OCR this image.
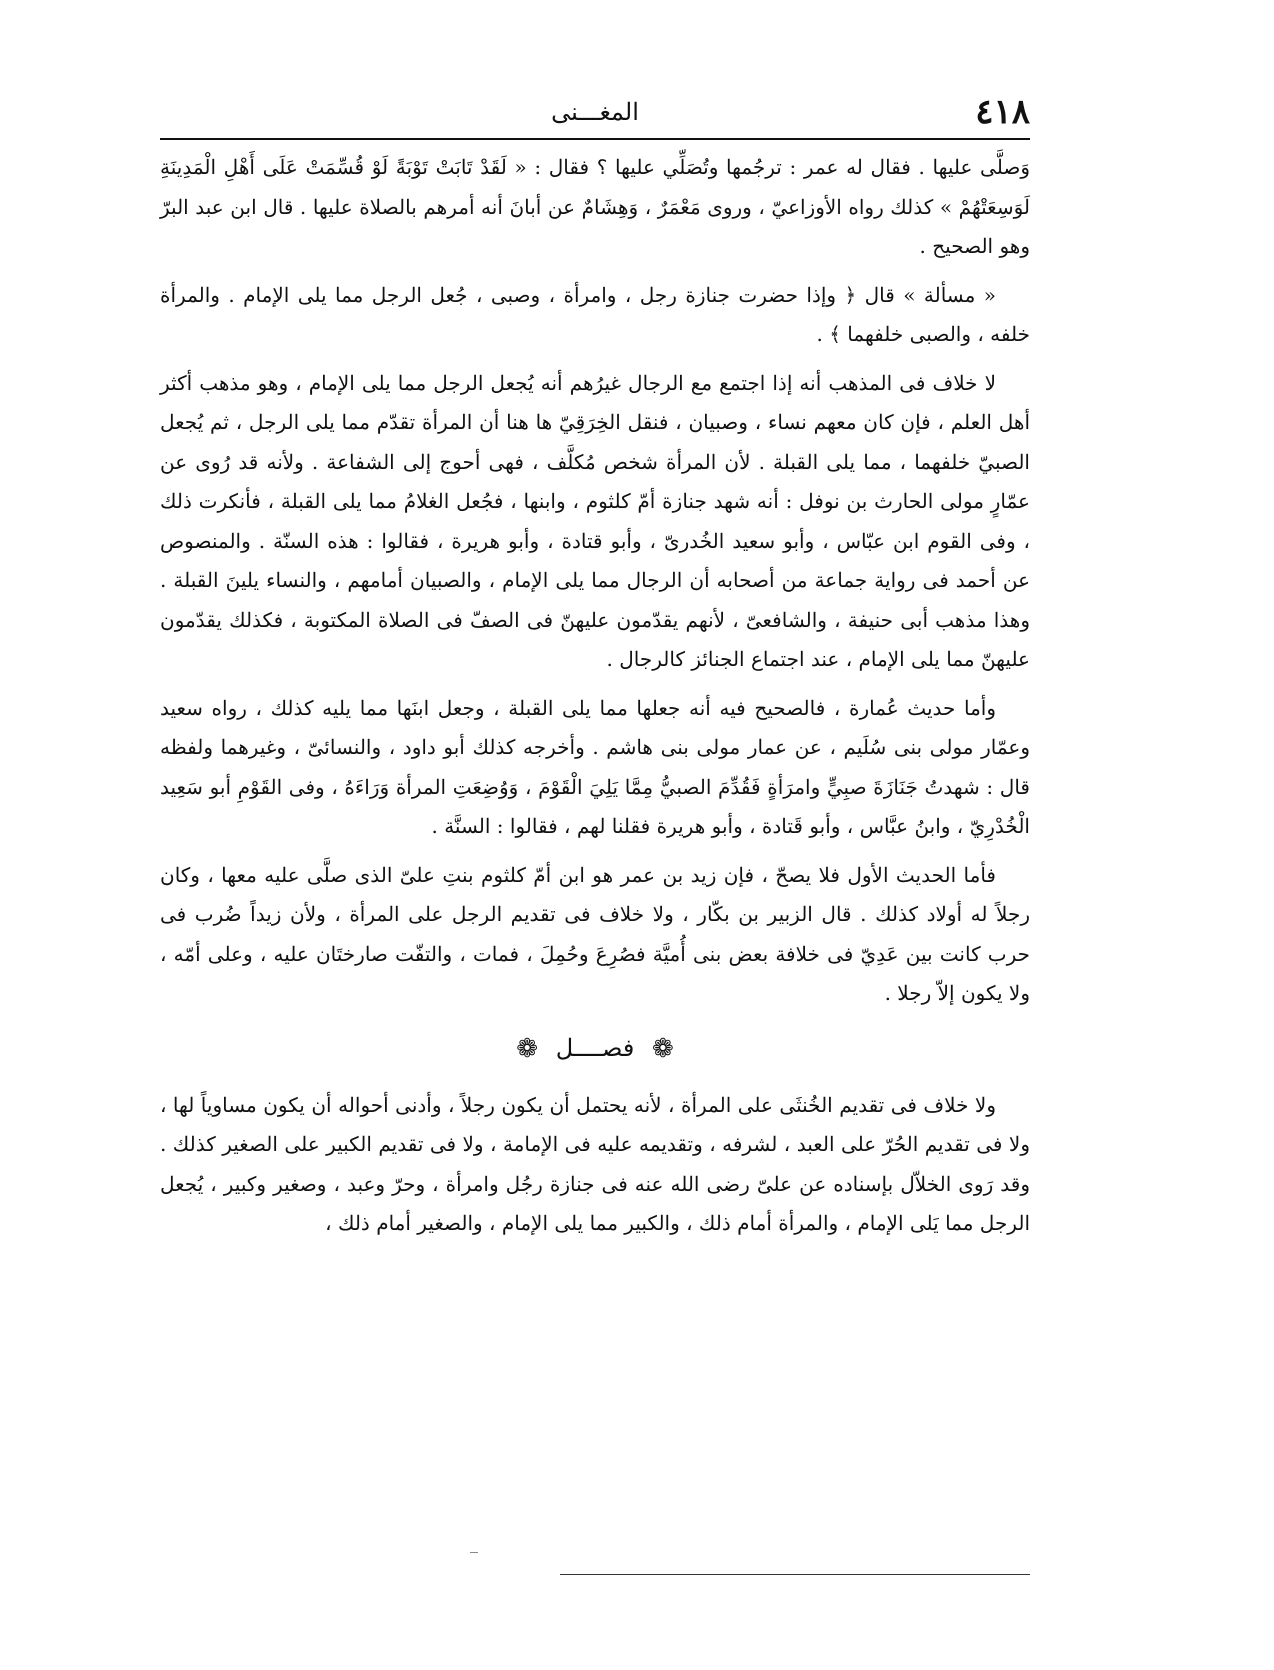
٤١٨
المغـــنى

وَصلَّى عليها . فقال له عمر : ترجُمها وتُصَلِّي عليها ؟ فقال : « لَقَدْ تَابَتْ تَوْبَةً لَوْ قُسِّمَتْ عَلَى أَهْلِ الْمَدِينَةِ لَوَسِعَتْهُمْ » كذلك رواه الأوزاعيّ ، وروى مَعْمَرٌ ، وَهِشَامٌ عن أبانَ أنه أمرهم بالصلاة عليها . قال ابن عبد البرّ وهو الصحيح .

« مسألة » قال ﴿ وإذا حضرت جنازة رجل ، وامرأة ، وصبى ، جُعل الرجل مما يلى الإمام . والمرأة خلفه ، والصبى خلفهما ﴾ .

لا خلاف فى المذهب أنه إذا اجتمع مع الرجال غيرُهم أنه يُجعل الرجل مما يلى الإمام ، وهو مذهب أكثر أهل العلم ، فإن كان معهم نساء ، وصبيان ، فنقل الخِرَقِيّ ها هنا أن المرأة تقدّم مما يلى الرجل ، ثم يُجعل الصبيّ خلفهما ، مما يلى القبلة . لأن المرأة شخص مُكلَّف ، فهى أحوج إلى الشفاعة . ولأنه قد رُوى عن عمّارٍ مولى الحارث بن نوفل : أنه شهد جنازة أمّ كلثوم ، وابنها ، فجُعل الغلامُ مما يلى القبلة ، فأنكرت ذلك ، وفى القوم ابن عبّاس ، وأبو سعيد الخُدرىّ ، وأبو قتادة ، وأبو هريرة ، فقالوا : هذه السنّة . والمنصوص عن أحمد فى رواية جماعة من أصحابه أن الرجال مما يلى الإمام ، والصبيان أمامهم ، والنساء يلينَ القبلة . وهذا مذهب أبى حنيفة ، والشافعىّ ، لأنهم يقدّمون عليهنّ فى الصفّ فى الصلاة المكتوبة ، فكذلك يقدّمون عليهنّ مما يلى الإمام ، عند اجتماع الجنائز كالرجال .

وأما حديث عُمارة ، فالصحيح فيه أنه جعلها مما يلى القبلة ، وجعل ابنَها مما يليه كذلك ، رواه سعيد وعمّار مولى بنى سُلَيم ، عن عمار مولى بنى هاشم . وأخرجه كذلك أبو داود ، والنسائىّ ، وغيرهما ولفظه قال : شهدتُ جَنَازَةَ صبِيٍّ وامرَأةٍ فَقُدِّمَ الصبيُّ مِمَّا يَلِيَ الْقَوْمَ ، وَوُضِعَتِ المرأة وَرَاءَهُ ، وفى القَوْمِ أبو سَعِيد الْخُدْرِيّ ، وابنُ عبَّاس ، وأبو قَتادة ، وأبو هريرة فقلنا لهم ، فقالوا : السنَّة .

فأما الحديث الأول فلا يصحّ ، فإن زيد بن عمر هو ابن أمّ كلثوم بنتِ علىّ الذى صلَّى عليه معها ، وكان رجلاً له أولاد كذلك . قال الزبير بن بكّار ، ولا خلاف فى تقديم الرجل على المرأة ، ولأن زيداً ضُرب فى حرب كانت بين عَدِيّ فى خلافة بعض بنى أُميَّة فصُرِعَ وحُمِلَ ، فمات ، والتفّت صارختَان عليه ، وعلى أمّه ، ولا يكون إلاّ رجلا .

❁ فصــــل ❁

ولا خلاف فى تقديم الخُنثَى على المرأة ، لأنه يحتمل أن يكون رجلاً ، وأدنى أحواله أن يكون مساوياً لها ، ولا فى تقديم الحُرّ على العبد ، لشرفه ، وتقديمه عليه فى الإمامة ، ولا فى تقديم الكبير على الصغير كذلك . وقد رَوى الخلاّل بإسناده عن علىّ رضى الله عنه فى جنازة رجُل وامرأة ، وحرّ وعبد ، وصغير وكبير ، يُجعل الرجل مما يَلى الإمام ، والمرأة أمام ذلك ، والكبير مما يلى الإمام ، والصغير أمام ذلك ،
